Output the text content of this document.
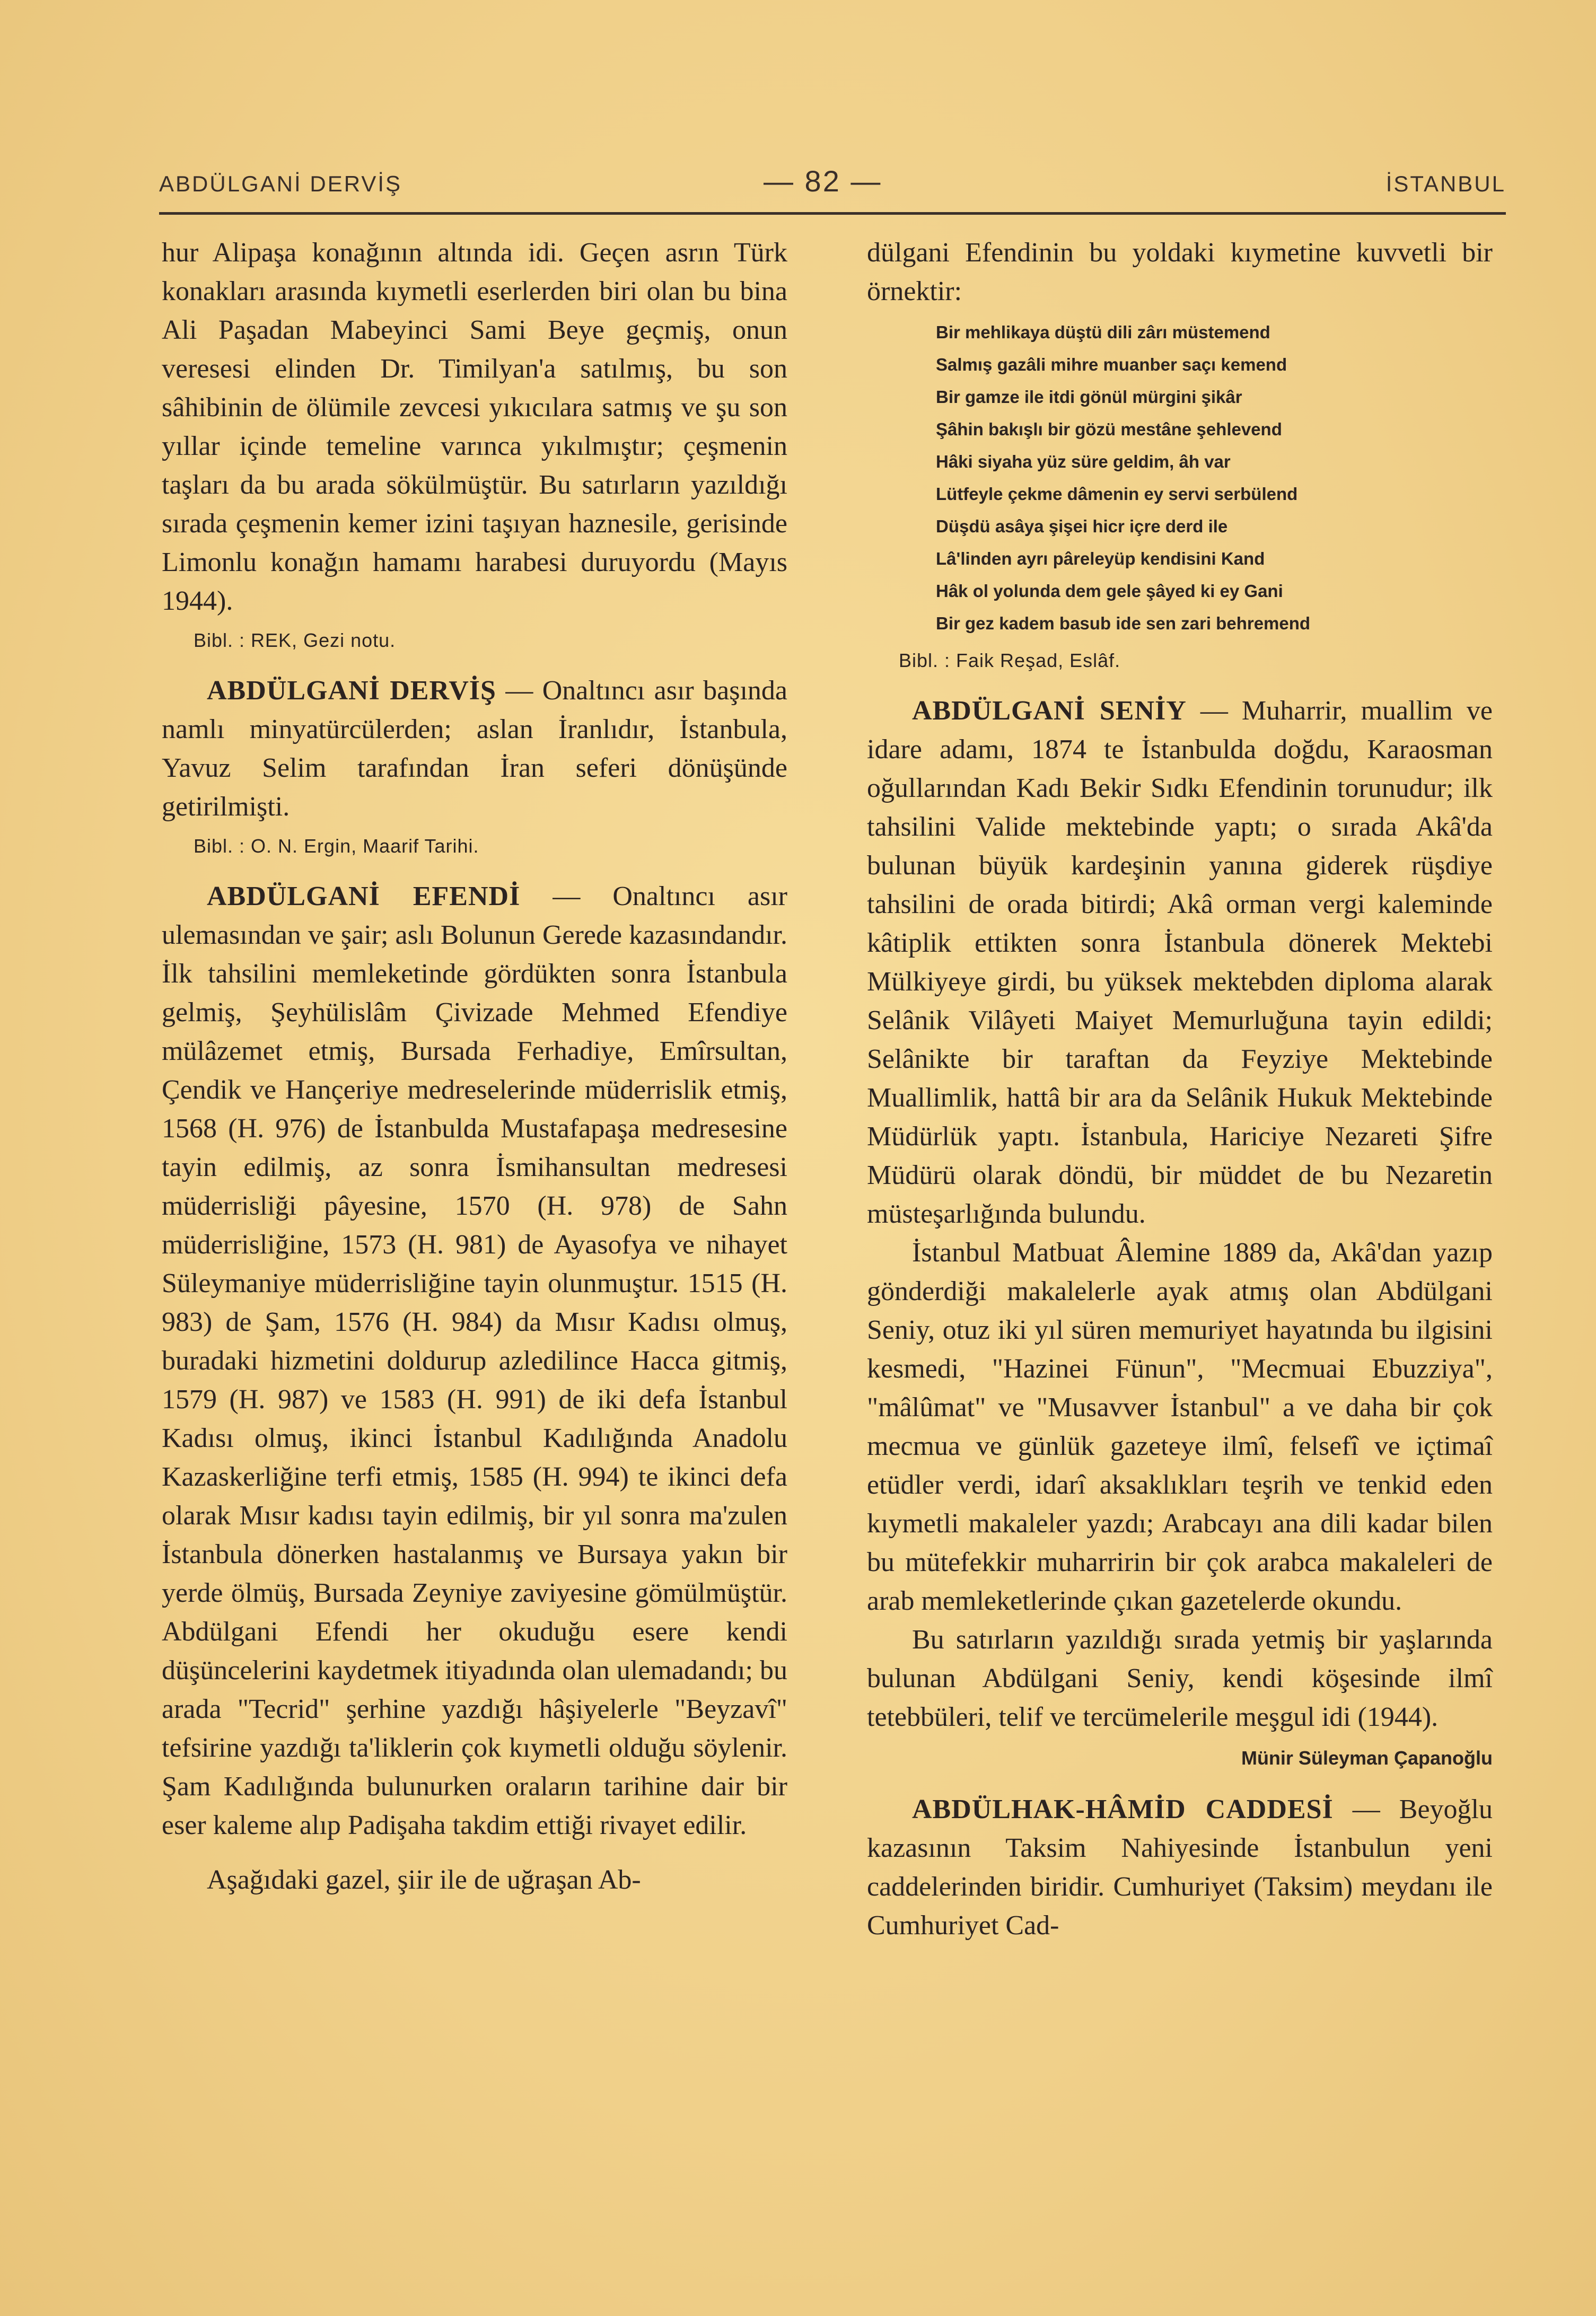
ABDÜLGANİ DERVİŞ	— 82 —	İSTANBUL

hur Alipaşa konağının altında idi. Geçen asrın Türk konakları arasında kıymetli eserlerden biri olan bu bina Ali Paşadan Mabeyinci Sami Beye geçmiş, onun veresesi elinden Dr. Timilyan'a satılmış, bu son sâhibinin de ölümile zevcesi yıkıcılara satmış ve şu son yıllar içinde temeline varınca yıkılmıştır; çeşmenin taşları da bu arada sökülmüştür. Bu satırların yazıldığı sırada çeşmenin kemer izini taşıyan haznesile, gerisinde Limonlu konağın hamamı harabesi duruyordu (Mayıs 1944).

Bibl. : REK, Gezi notu.

ABDÜLGANİ DERVİŞ — Onaltıncı asır başında namlı minyatürcülerden; aslan İranlıdır, İstanbula, Yavuz Selim tarafından İran seferi dönüşünde getirilmişti.

Bibl. : O. N. Ergin, Maarif Tarihi.

ABDÜLGANİ EFENDİ — Onaltıncı asır ulemasından ve şair; aslı Bolunun Gerede kazasındandır. İlk tahsilini memleketinde gördükten sonra İstanbula gelmiş, Şeyhülislâm Çivizade Mehmed Efendiye mülâzemet etmiş, Bursada Ferhadiye, Emîrsultan, Çendik ve Hançeriye medreselerinde müderrislik etmiş, 1568 (H. 976) de İstanbulda Mustafapaşa medresesine tayin edilmiş, az sonra İsmihansultan medresesi müderrisliği pâyesine, 1570 (H. 978) de Sahn müderrisliğine, 1573 (H. 981) de Ayasofya ve nihayet Süleymaniye müderrisliğine tayin olunmuştur. 1515 (H. 983) de Şam, 1576 (H. 984) da Mısır Kadısı olmuş, buradaki hizmetini doldurup azledilince Hacca gitmiş, 1579 (H. 987) ve 1583 (H. 991) de iki defa İstanbul Kadısı olmuş, ikinci İstanbul Kadılığında Anadolu Kazaskerliğine terfi etmiş, 1585 (H. 994) te ikinci defa olarak Mısır kadısı tayin edilmiş, bir yıl sonra ma'zulen İstanbula dönerken hastalanmış ve Bursaya yakın bir yerde ölmüş, Bursada Zeyniye zaviyesine gömülmüştür. Abdülgani Efendi her okuduğu esere kendi düşüncelerini kaydetmek itiyadında olan ulemadandı; bu arada "Tecrid" şerhine yazdığı hâşiyelerle "Beyzavî" tefsirine yazdığı ta'liklerin çok kıymetli olduğu söylenir. Şam Kadılığında bulunurken oraların tarihine dair bir eser kaleme alıp Padişaha takdim ettiği rivayet edilir.

Aşağıdaki gazel, şiir ile de uğraşan Ab-

dülgani Efendinin bu yoldaki kıymetine kuvvetli bir örnektir:

Bir mehlikaya düştü dili zârı müstemend
Salmış gazâli mihre muanber saçı kemend
Bir gamze ile itdi gönül mürgini şikâr
Şâhin bakışlı bir gözü mestâne şehlevend
Hâki siyaha yüz süre geldim, âh var
Lütfeyle çekme dâmenin ey servi serbülend
Düşdü asâya şişei hicr içre derd ile
Lâ'linden ayrı pâreleyüp kendisini Kand
Hâk ol yolunda dem gele şâyed ki ey Gani
Bir gez kadem basub ide sen zari behremend

Bibl. : Faik Reşad, Eslâf.

ABDÜLGANİ SENİY — Muharrir, muallim ve idare adamı, 1874 te İstanbulda doğdu, Karaosman oğullarından Kadı Bekir Sıdkı Efendinin torunudur; ilk tahsilini Valide mektebinde yaptı; o sırada Akâ'da bulunan büyük kardeşinin yanına giderek rüşdiye tahsilini de orada bitirdi; Akâ orman vergi kaleminde kâtiplik ettikten sonra İstanbula dönerek Mektebi Mülkiyeye girdi, bu yüksek mektebden diploma alarak Selânik Vilâyeti Maiyet Memurluğuna tayin edildi; Selânikte bir taraftan da Feyziye Mektebinde Muallimlik, hattâ bir ara da Selânik Hukuk Mektebinde Müdürlük yaptı. İstanbula, Hariciye Nezareti Şifre Müdürü olarak döndü, bir müddet de bu Nezaretin müsteşarlığında bulundu.

İstanbul Matbuat Âlemine 1889 da, Akâ'dan yazıp gönderdiği makalelerle ayak atmış olan Abdülgani Seniy, otuz iki yıl süren memuriyet hayatında bu ilgisini kesmedi, "Hazinei Fünun", "Mecmuai Ebuzziya", "mâlûmat" ve "Musavver İstanbul" a ve daha bir çok mecmua ve günlük gazeteye ilmî, felsefî ve içtimaî etüdler verdi, idarî aksaklıkları teşrih ve tenkid eden kıymetli makaleler yazdı; Arabcayı ana dili kadar bilen bu mütefekkir muharririn bir çok arabca makaleleri de arab memleketlerinde çıkan gazetelerde okundu.

Bu satırların yazıldığı sırada yetmiş bir yaşlarında bulunan Abdülgani Seniy, kendi köşesinde ilmî tetebbüleri, telif ve tercümelerile meşgul idi (1944).

Münir Süleyman Çapanoğlu

ABDÜLHAK-HÂMİD CADDESİ — Beyoğlu kazasının Taksim Nahiyesinde İstanbulun yeni caddelerinden biridir. Cumhuriyet (Taksim) meydanı ile Cumhuriyet Cad-
